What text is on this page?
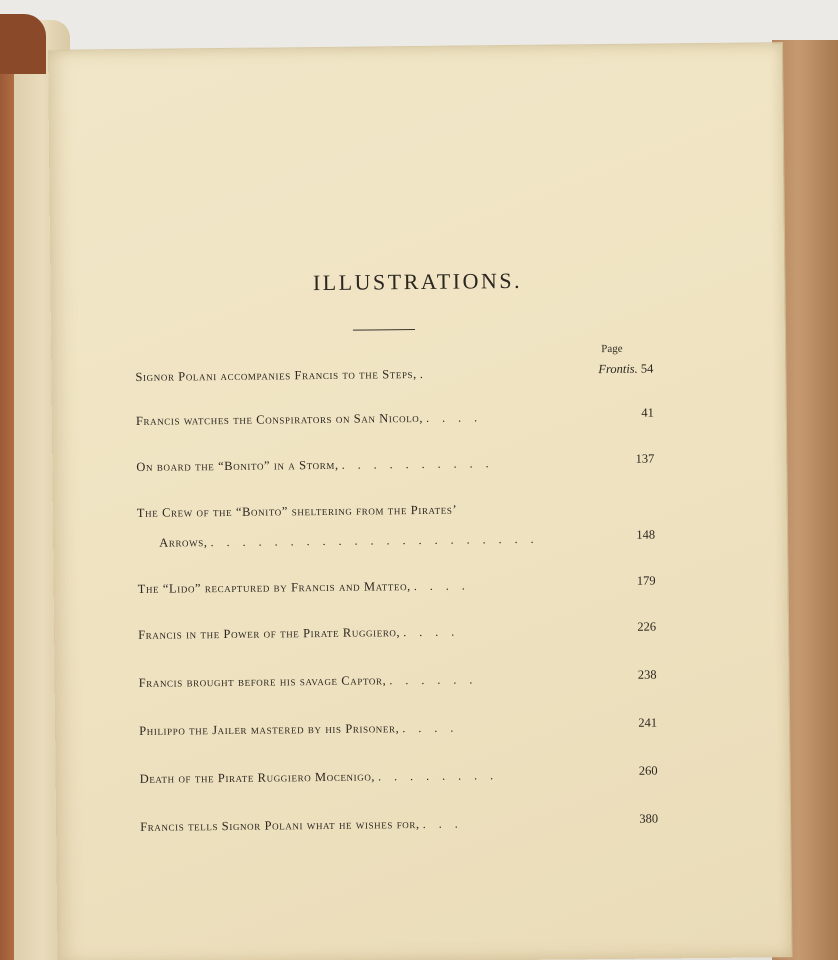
ILLUSTRATIONS.
Page
Signor Polani accompanies Francis to the Steps, .	Frontis. 54
Francis watches the Conspirators on San Nicolo, . . . .	41
On board the “Bonito” in a Storm, . . . . . . . . . .	137
The Crew of the “Bonito” sheltering from the Pirates’
Arrows, . . . . . . . . . . . . . . . . . . . . .	148
The “Lido” recaptured by Francis and Matteo, . . . .	179
Francis in the Power of the Pirate Ruggiero, . . . .	226
Francis brought before his savage Captor, . . . . . .	238
Philippo the Jailer mastered by his Prisoner, . . . .	241
Death of the Pirate Ruggiero Mocenigo, . . . . . . . .	260
Francis tells Signor Polani what he wishes for, . . .	380
